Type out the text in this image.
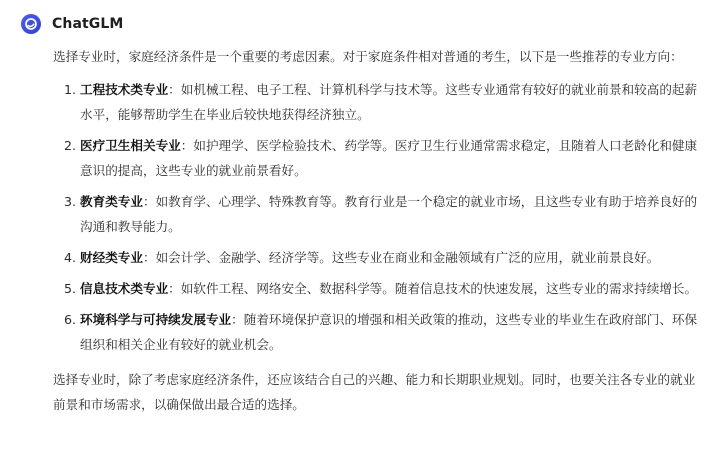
ChatGLM

选择专业时，家庭经济条件是一个重要的考虑因素。对于家庭条件相对普通的考生，以下是一些推荐的专业方向：

1. 工程技术类专业：如机械工程、电子工程、计算机科学与技术等。这些专业通常有较好的就业前景和较高的起薪水平，能够帮助学生在毕业后较快地获得经济独立。
2. 医疗卫生相关专业：如护理学、医学检验技术、药学等。医疗卫生行业通常需求稳定，且随着人口老龄化和健康意识的提高，这些专业的就业前景看好。
3. 教育类专业：如教育学、心理学、特殊教育等。教育行业是一个稳定的就业市场，且这些专业有助于培养良好的沟通和教导能力。
4. 财经类专业：如会计学、金融学、经济学等。这些专业在商业和金融领域有广泛的应用，就业前景良好。
5. 信息技术类专业：如软件工程、网络安全、数据科学等。随着信息技术的快速发展，这些专业的需求持续增长。
6. 环境科学与可持续发展专业：随着环境保护意识的增强和相关政策的推动，这些专业的毕业生在政府部门、环保组织和相关企业有较好的就业机会。

选择专业时，除了考虑家庭经济条件，还应该结合自己的兴趣、能力和长期职业规划。同时，也要关注各专业的就业前景和市场需求，以确保做出最合适的选择。
